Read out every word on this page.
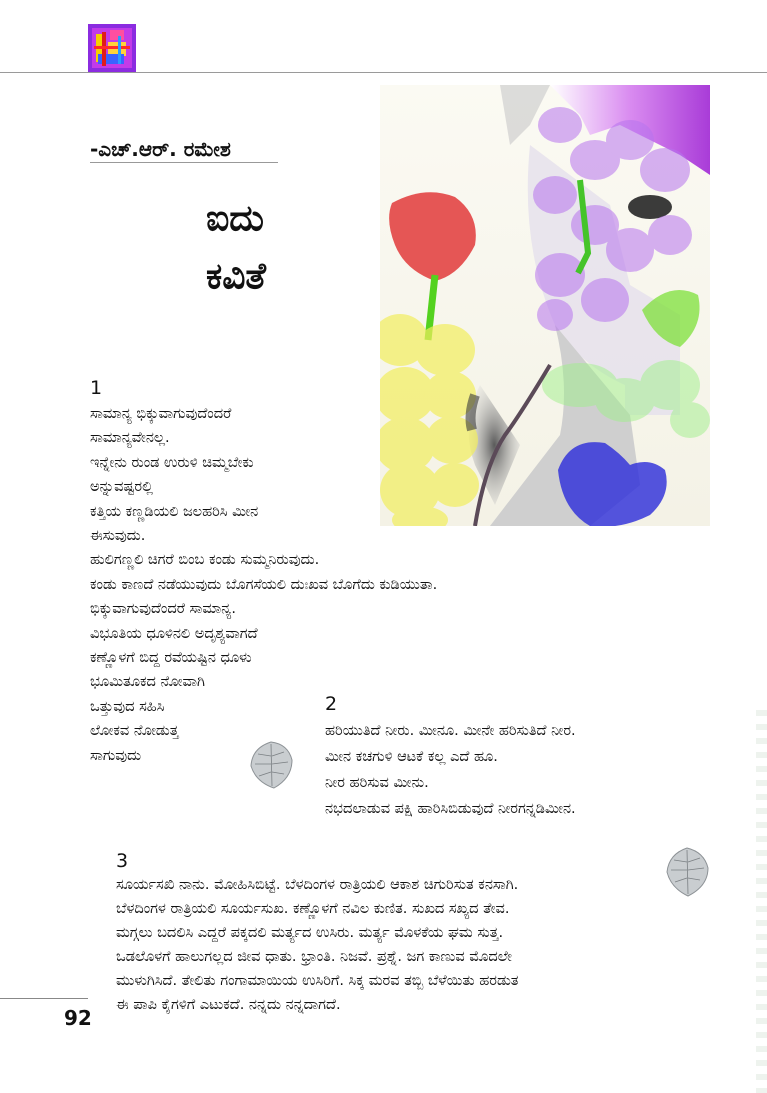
-ಎಚ್.ಆರ್. ರಮೇಶ
ಐದು
ಕವಿತೆ
1

ಸಾಮಾನ್ಯ ಭಿಕ್ಕುವಾಗುವುದೆಂದರೆ

ಸಾಮಾನ್ಯವೇನಲ್ಲ.

ಇನ್ನೇನು ರುಂಡ ಉರುಳಿ ಚಿಮ್ಮಬೇಕು

ಅನ್ನುವಷ್ಟರಲ್ಲಿ

ಕತ್ತಿಯ ಕಣ್ಣಡಿಯಲಿ ಜಲಹರಿಸಿ ಮೀನ

ಈಸುವುದು.

ಹುಲಿಗಣ್ಣಲಿ ಚಿಗರೆ ಬಿಂಬ ಕಂಡು ಸುಮ್ಮನಿರುವುದು.

ಕಂಡು ಕಾಣದೆ ನಡೆಯುವುದು ಬೊಗಸೆಯಲಿ ದುಃಖವ ಬೊಗೆದು ಕುಡಿಯುತಾ.

ಭಿಕ್ಕುವಾಗುವುದೆಂದರೆ ಸಾಮಾನ್ಯ.

ವಿಭೂತಿಯ ಧೂಳಿನಲಿ ಅದೃಶ್ಯವಾಗದೆ

ಕಣ್ಣೊಳಗೆ ಬಿದ್ದ ರವೆಯಷ್ಟಿನ ಧೂಳು

ಭೂಮಿತೂಕದ ನೋವಾಗಿ

ಒತ್ತುವುದ ಸಹಿಸಿ

ಲೋಕವ ನೋಡುತ್ತ

ಸಾಗುವುದು

2

ಹರಿಯುತಿದೆ ನೀರು. ಮೀನೂ. ಮೀನೇ ಹರಿಸುತಿದೆ ನೀರ.

ಮೀನ ಕಚಗುಳಿ ಆಟಕೆ ಕಲ್ಲ ಎದೆ ಹೂ.

ನೀರ ಹರಿಸುವ ಮೀನು.

ನಭದಲಾಡುವ ಪಕ್ಷಿ ಹಾರಿಸಿಬಿಡುವುದೆ ನೀರಗನ್ನಡಿಮೀನ.

3

ಸೂರ್ಯಸಖಿ ನಾನು. ಮೋಹಿಸಿಬಿಟ್ಟೆ. ಬೆಳದಿಂಗಳ ರಾತ್ರಿಯಲಿ ಆಕಾಶ ಚಿಗುರಿಸುತ ಕನಸಾಗಿ.

ಬೆಳದಿಂಗಳ ರಾತ್ರಿಯಲಿ ಸೂರ್ಯಸುಖ. ಕಣ್ಣೊಳಗೆ ನವಿಲ ಕುಣಿತ. ಸುಖದ ಸಖ್ಯದ ತೇವ.

ಮಗ್ಗಲು ಬದಲಿಸಿ ಎದ್ದರೆ ಪಕ್ಕದಲಿ ಮರ್ತ್ಯದ ಉಸಿರು. ಮರ್ತ್ಯ ಮೊಳಕೆಯ ಘಮ ಸುತ್ತ.

ಒಡಲೊಳಗೆ ಹಾಲುಗಲ್ಲದ ಜೀವ ಧಾತು. ಭ್ರಾಂತಿ. ನಿಜವೆ. ಪ್ರಶ್ನೆ. ಜಗ ಕಾಣುವ ಮೊದಲೇ

ಮುಳುಗಿಸಿದೆ. ತೇಲಿತು ಗಂಗಾಮಾಯಿಯ ಉಸಿರಿಗೆ. ಸಿಕ್ಕ ಮರವ ತಬ್ಬಿ ಬೆಳೆಯಿತು ಹರಡುತ

ಈ ಪಾಪಿ ಕೈಗಳಿಗೆ ಎಟುಕದೆ. ನನ್ನದು ನನ್ನದಾಗದೆ.

92
